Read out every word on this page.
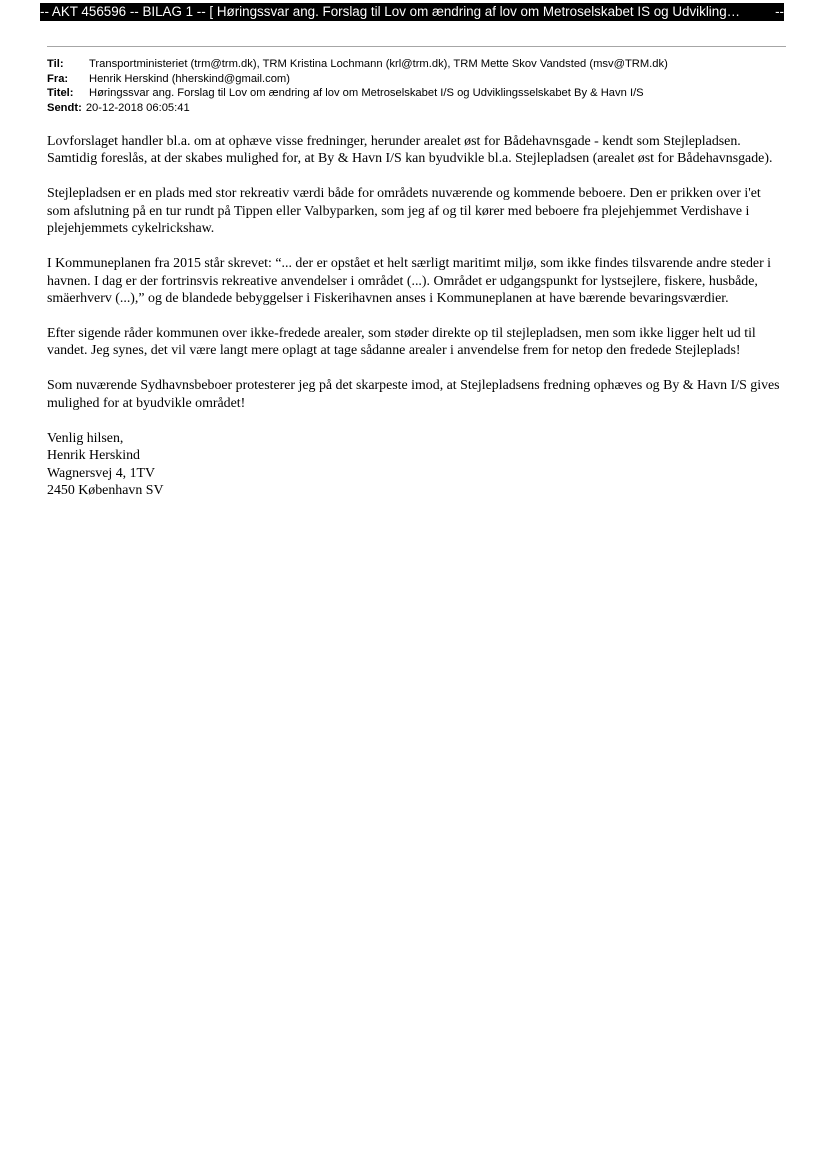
-- AKT 456596 -- BILAG 1 -- [ Høringssvar ang. Forslag til Lov om ændring af lov om Metroselskabet IS og Udvikling…	--
Til:	Transportministeriet (trm@trm.dk), TRM Kristina Lochmann (krl@trm.dk), TRM Mette Skov Vandsted (msv@TRM.dk)
Fra:	Henrik Herskind (hherskind@gmail.com)
Titel:	Høringssvar ang. Forslag til Lov om ændring af lov om Metroselskabet I/S og Udviklingsselskabet By & Havn I/S
Sendt: 20-12-2018 06:05:41

Lovforslaget handler bl.a. om at ophæve visse fredninger, herunder arealet øst for Bådehavnsgade - kendt som Stejlepladsen. Samtidig foreslås, at der skabes mulighed for, at By & Havn I/S kan byudvikle bl.a. Stejlepladsen (arealet øst for Bådehavnsgade).

Stejlepladsen er en plads med stor rekreativ værdi både for områdets nuværende og kommende beboere. Den er prikken over i'et som afslutning på en tur rundt på Tippen eller Valbyparken, som jeg af og til kører med beboere fra plejehjemmet Verdishave i plejehjemmets cykelrickshaw.

I Kommuneplanen fra 2015 står skrevet: “... der er opstået et helt særligt maritimt miljø, som ikke findes tilsvarende andre steder i havnen. I dag er der fortrinsvis rekreative anvendelser i området (...). Området er udgangspunkt for lystsejlere, fiskere, husbåde, smäerhverv (...),” og de blandede bebyggelser i Fiskerihavnen anses i Kommuneplanen at have bærende bevaringsværdier.

Efter sigende råder kommunen over ikke-fredede arealer, som støder direkte op til stejlepladsen, men som ikke ligger helt ud til vandet. Jeg synes, det vil være langt mere oplagt at tage sådanne arealer i anvendelse frem for netop den fredede Stejleplads!

Som nuværende Sydhavnsbeboer protesterer jeg på det skarpeste imod, at Stejlepladsens fredning ophæves og By & Havn I/S gives mulighed for at byudvikle området!

Venlig hilsen,
Henrik Herskind
Wagnersvej 4, 1TV
2450 København SV
